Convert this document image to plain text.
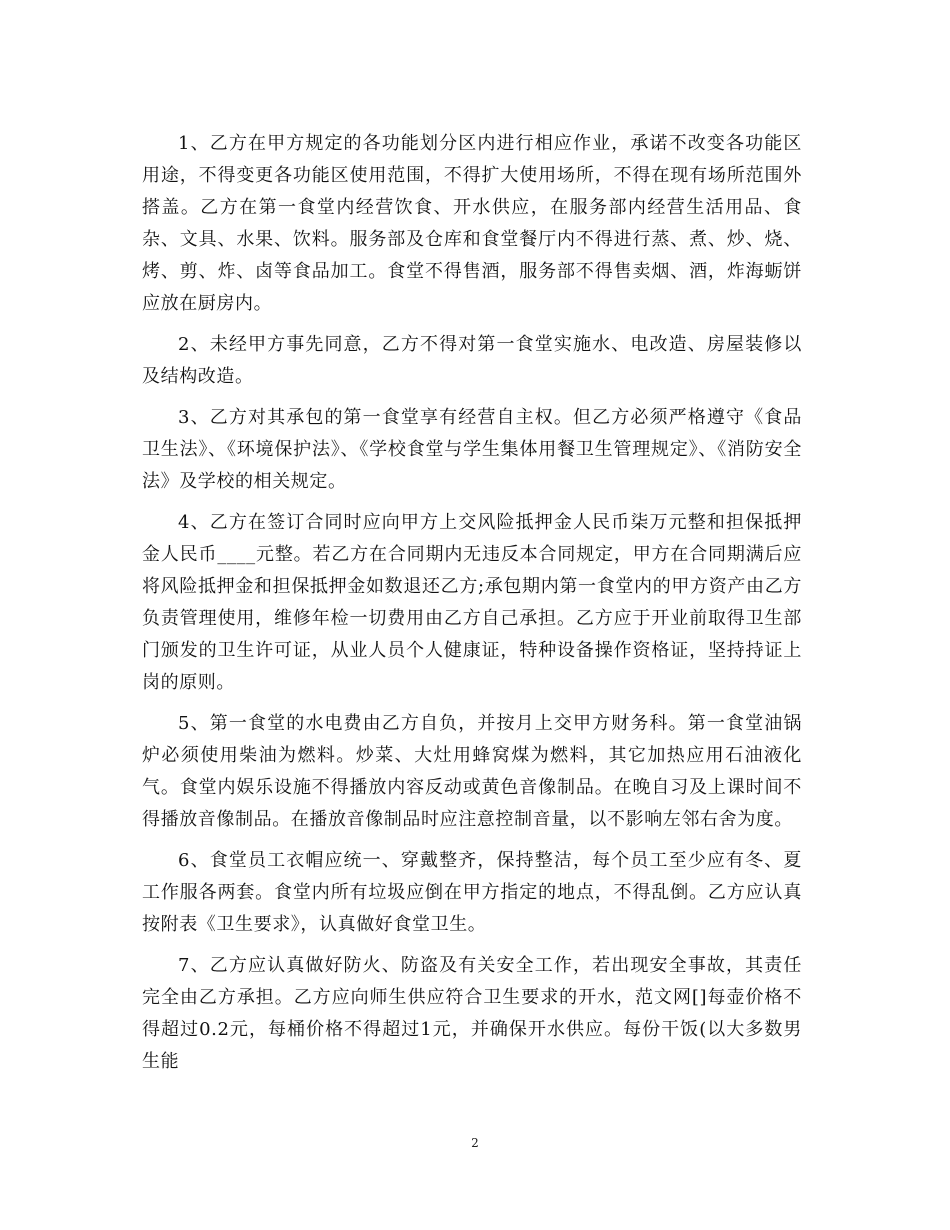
1、乙方在甲方规定的各功能划分区内进行相应作业，承诺不改变各功能区用途，不得变更各功能区使用范围，不得扩大使用场所，不得在现有场所范围外搭盖。乙方在第一食堂内经营饮食、开水供应，在服务部内经营生活用品、食杂、文具、水果、饮料。服务部及仓库和食堂餐厅内不得进行蒸、煮、炒、烧、烤、剪、炸、卤等食品加工。食堂不得售酒，服务部不得售卖烟、酒，炸海蛎饼应放在厨房内。

2、未经甲方事先同意，乙方不得对第一食堂实施水、电改造、房屋装修以及结构改造。

3、乙方对其承包的第一食堂享有经营自主权。但乙方必须严格遵守《食品卫生法》、《环境保护法》、《学校食堂与学生集体用餐卫生管理规定》、《消防安全法》及学校的相关规定。

4、乙方在签订合同时应向甲方上交风险抵押金人民币柒万元整和担保抵押金人民币____元整。若乙方在合同期内无违反本合同规定，甲方在合同期满后应将风险抵押金和担保抵押金如数退还乙方;承包期内第一食堂内的甲方资产由乙方负责管理使用，维修年检一切费用由乙方自己承担。乙方应于开业前取得卫生部门颁发的卫生许可证，从业人员个人健康证，特种设备操作资格证，坚持持证上岗的原则。

5、第一食堂的水电费由乙方自负，并按月上交甲方财务科。第一食堂油锅炉必须使用柴油为燃料。炒菜、大灶用蜂窝煤为燃料，其它加热应用石油液化气。食堂内娱乐设施不得播放内容反动或黄色音像制品。在晚自习及上课时间不得播放音像制品。在播放音像制品时应注意控制音量，以不影响左邻右舍为度。

6、食堂员工衣帽应统一、穿戴整齐，保持整洁，每个员工至少应有冬、夏工作服各两套。食堂内所有垃圾应倒在甲方指定的地点，不得乱倒。乙方应认真按附表《卫生要求》，认真做好食堂卫生。

7、乙方应认真做好防火、防盗及有关安全工作，若出现安全事故，其责任完全由乙方承担。乙方应向师生供应符合卫生要求的开水，范文网[]每壶价格不得超过0.2元，每桶价格不得超过1元，并确保开水供应。每份干饭(以大多数男生能

2
